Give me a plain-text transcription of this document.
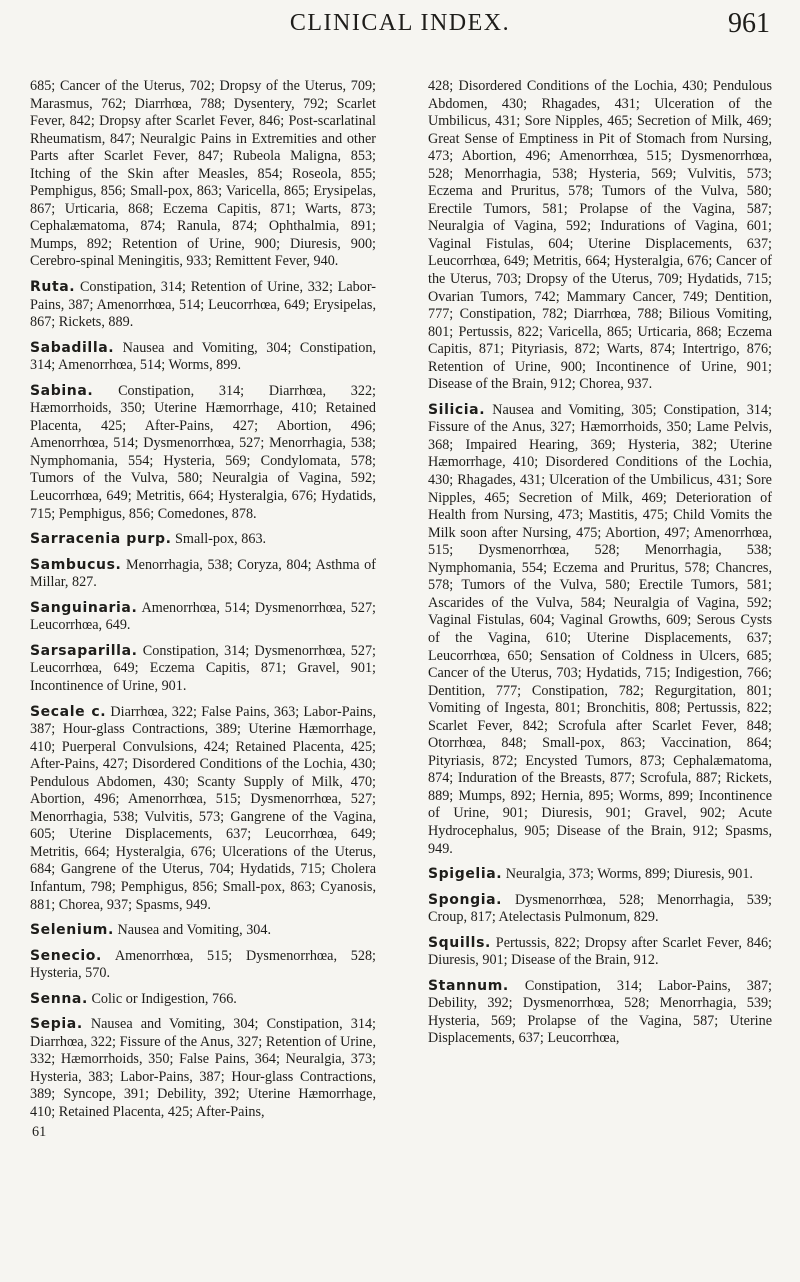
CLINICAL INDEX.	961

685; Cancer of the Uterus, 702; Dropsy of the Uterus, 709; Marasmus, 762; Diarrhœa, 788; Dysentery, 792; Scarlet Fever, 842; Dropsy after Scarlet Fever, 846; Post-scarlatinal Rheumatism, 847; Neuralgic Pains in Extremities and other Parts after Scarlet Fever, 847; Rubeola Maligna, 853; Itching of the Skin after Measles, 854; Roseola, 855; Pemphigus, 856; Small-pox, 863; Varicella, 865; Erysipelas, 867; Urticaria, 868; Eczema Capitis, 871; Warts, 873; Cephalæmatoma, 874; Ranula, 874; Ophthalmia, 891; Mumps, 892; Retention of Urine, 900; Diuresis, 900; Cerebro-spinal Meningitis, 933; Remittent Fever, 940.

Ruta. Constipation, 314; Retention of Urine, 332; Labor-Pains, 387; Amenorrhœa, 514; Leucorrhœa, 649; Erysipelas, 867; Rickets, 889.

Sabadilla. Nausea and Vomiting, 304; Constipation, 314; Amenorrhœa, 514; Worms, 899.

Sabina. Constipation, 314; Diarrhœa, 322; Hæmorrhoids, 350; Uterine Hæmorrhage, 410; Retained Placenta, 425; After-Pains, 427; Abortion, 496; Amenorrhœa, 514; Dysmenorrhœa, 527; Menorrhagia, 538; Nymphomania, 554; Hysteria, 569; Condylomata, 578; Tumors of the Vulva, 580; Neuralgia of Vagina, 592; Leucorrhœa, 649; Metritis, 664; Hysteralgia, 676; Hydatids, 715; Pemphigus, 856; Comedones, 878.

Sarracenia purp. Small-pox, 863.

Sambucus. Menorrhagia, 538; Coryza, 804; Asthma of Millar, 827.

Sanguinaria. Amenorrhœa, 514; Dysmenorrhœa, 527; Leucorrhœa, 649.

Sarsaparilla. Constipation, 314; Dysmenorrhœa, 527; Leucorrhœa, 649; Eczema Capitis, 871; Gravel, 901; Incontinence of Urine, 901.

Secale c. Diarrhœa, 322; False Pains, 363; Labor-Pains, 387; Hour-glass Contractions, 389; Uterine Hæmorrhage, 410; Puerperal Convulsions, 424; Retained Placenta, 425; After-Pains, 427; Disordered Conditions of the Lochia, 430; Pendulous Abdomen, 430; Scanty Supply of Milk, 470; Abortion, 496; Amenorrhœa, 515; Dysmenorrhœa, 527; Menorrhagia, 538; Vulvitis, 573; Gangrene of the Vagina, 605; Uterine Displacements, 637; Leucorrhœa, 649; Metritis, 664; Hysteralgia, 676; Ulcerations of the Uterus, 684; Gangrene of the Uterus, 704; Hydatids, 715; Cholera Infantum, 798; Pemphigus, 856; Small-pox, 863; Cyanosis, 881; Chorea, 937; Spasms, 949.

Selenium. Nausea and Vomiting, 304.

Senecio. Amenorrhœa, 515; Dysmenorrhœa, 528; Hysteria, 570.

Senna. Colic or Indigestion, 766.

Sepia. Nausea and Vomiting, 304; Constipation, 314; Diarrhœa, 322; Fissure of the Anus, 327; Retention of Urine, 332; Hæmorrhoids, 350; False Pains, 364; Neuralgia, 373; Hysteria, 383; Labor-Pains, 387; Hour-glass Contractions, 389; Syncope, 391; Debility, 392; Uterine Hæmorrhage, 410; Retained Placenta, 425; After-Pains,

61

428; Disordered Conditions of the Lochia, 430; Pendulous Abdomen, 430; Rhagades, 431; Ulceration of the Umbilicus, 431; Sore Nipples, 465; Secretion of Milk, 469; Great Sense of Emptiness in Pit of Stomach from Nursing, 473; Abortion, 496; Amenorrhœa, 515; Dysmenorrhœa, 528; Menorrhagia, 538; Hysteria, 569; Vulvitis, 573; Eczema and Pruritus, 578; Tumors of the Vulva, 580; Erectile Tumors, 581; Prolapse of the Vagina, 587; Neuralgia of Vagina, 592; Indurations of Vagina, 601; Vaginal Fistulas, 604; Uterine Displacements, 637; Leucorrhœa, 649; Metritis, 664; Hysteralgia, 676; Cancer of the Uterus, 703; Dropsy of the Uterus, 709; Hydatids, 715; Ovarian Tumors, 742; Mammary Cancer, 749; Dentition, 777; Constipation, 782; Diarrhœa, 788; Bilious Vomiting, 801; Pertussis, 822; Varicella, 865; Urticaria, 868; Eczema Capitis, 871; Pityriasis, 872; Warts, 874; Intertrigo, 876; Retention of Urine, 900; Incontinence of Urine, 901; Disease of the Brain, 912; Chorea, 937.

Silicia. Nausea and Vomiting, 305; Constipation, 314; Fissure of the Anus, 327; Hæmorrhoids, 350; Lame Pelvis, 368; Impaired Hearing, 369; Hysteria, 382; Uterine Hæmorrhage, 410; Disordered Conditions of the Lochia, 430; Rhagades, 431; Ulceration of the Umbilicus, 431; Sore Nipples, 465; Secretion of Milk, 469; Deterioration of Health from Nursing, 473; Mastitis, 475; Child Vomits the Milk soon after Nursing, 475; Abortion, 497; Amenorrhœa, 515; Dysmenorrhœa, 528; Menorrhagia, 538; Nymphomania, 554; Eczema and Pruritus, 578; Chancres, 578; Tumors of the Vulva, 580; Erectile Tumors, 581; Ascarides of the Vulva, 584; Neuralgia of Vagina, 592; Vaginal Fistulas, 604; Vaginal Growths, 609; Serous Cysts of the Vagina, 610; Uterine Displacements, 637; Leucorrhœa, 650; Sensation of Coldness in Ulcers, 685; Cancer of the Uterus, 703; Hydatids, 715; Indigestion, 766; Dentition, 777; Constipation, 782; Regurgitation, 801; Vomiting of Ingesta, 801; Bronchitis, 808; Pertussis, 822; Scarlet Fever, 842; Scrofula after Scarlet Fever, 848; Otorrhœa, 848; Small-pox, 863; Vaccination, 864; Pityriasis, 872; Encysted Tumors, 873; Cephalæmatoma, 874; Induration of the Breasts, 877; Scrofula, 887; Rickets, 889; Mumps, 892; Hernia, 895; Worms, 899; Incontinence of Urine, 901; Diuresis, 901; Gravel, 902; Acute Hydrocephalus, 905; Disease of the Brain, 912; Spasms, 949.

Spigelia. Neuralgia, 373; Worms, 899; Diuresis, 901.

Spongia. Dysmenorrhœa, 528; Menorrhagia, 539; Croup, 817; Atelectasis Pulmonum, 829.

Squills. Pertussis, 822; Dropsy after Scarlet Fever, 846; Diuresis, 901; Disease of the Brain, 912.

Stannum. Constipation, 314; Labor-Pains, 387; Debility, 392; Dysmenorrhœa, 528; Menorrhagia, 539; Hysteria, 569; Prolapse of the Vagina, 587; Uterine Displacements, 637; Leucorrhœa,
